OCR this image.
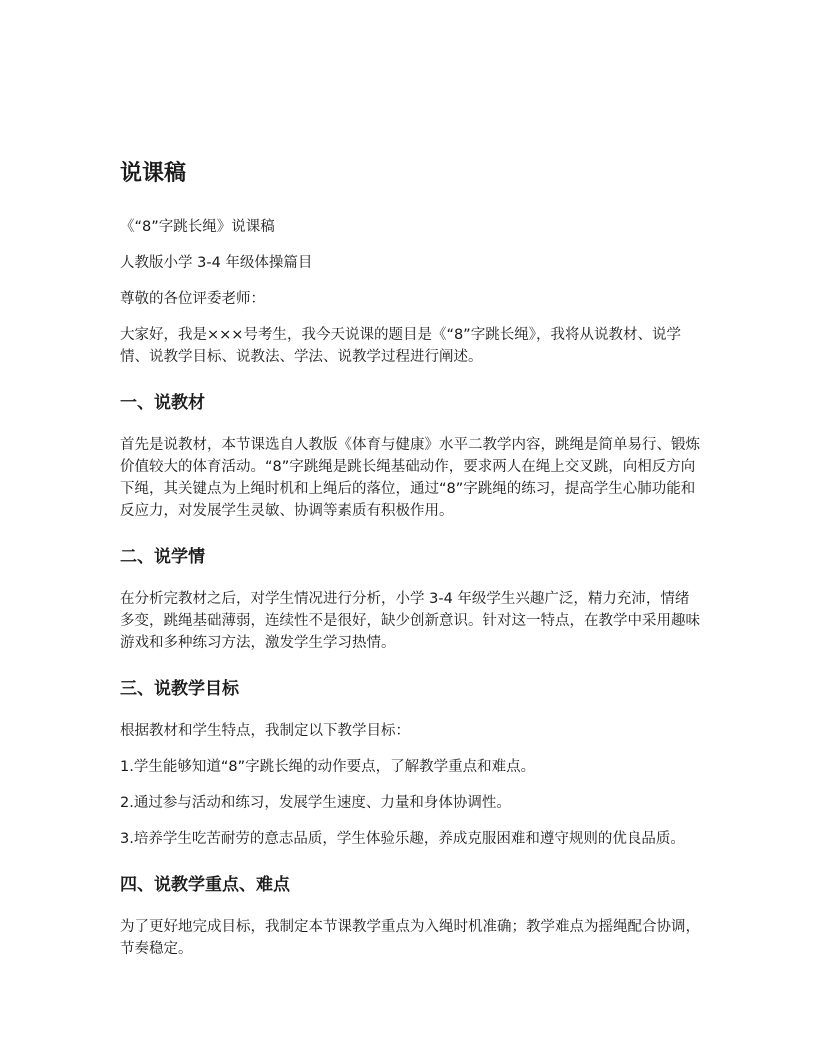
说课稿

《“8”字跳长绳》说课稿

人教版小学 3-4 年级体操篇目

尊敬的各位评委老师：

大家好，我是×××号考生，我今天说课的题目是《“8”字跳长绳》，我将从说教材、说学情、说教学目标、说教法、学法、说教学过程进行阐述。

一、说教材

首先是说教材，本节课选自人教版《体育与健康》水平二教学内容，跳绳是简单易行、锻炼价值较大的体育活动。“8”字跳绳是跳长绳基础动作，要求两人在绳上交叉跳，向相反方向下绳，其关键点为上绳时机和上绳后的落位，通过“8”字跳绳的练习，提高学生心肺功能和反应力，对发展学生灵敏、协调等素质有积极作用。

二、说学情

在分析完教材之后，对学生情况进行分析，小学 3-4 年级学生兴趣广泛，精力充沛，情绪多变，跳绳基础薄弱，连续性不是很好，缺少创新意识。针对这一特点，在教学中采用趣味游戏和多种练习方法，激发学生学习热情。

三、说教学目标

根据教材和学生特点，我制定以下教学目标：

1.学生能够知道“8”字跳长绳的动作要点，了解教学重点和难点。

2.通过参与活动和练习，发展学生速度、力量和身体协调性。

3.培养学生吃苦耐劳的意志品质，学生体验乐趣，养成克服困难和遵守规则的优良品质。

四、说教学重点、难点

为了更好地完成目标，我制定本节课教学重点为入绳时机准确；教学难点为摇绳配合协调，节奏稳定。
